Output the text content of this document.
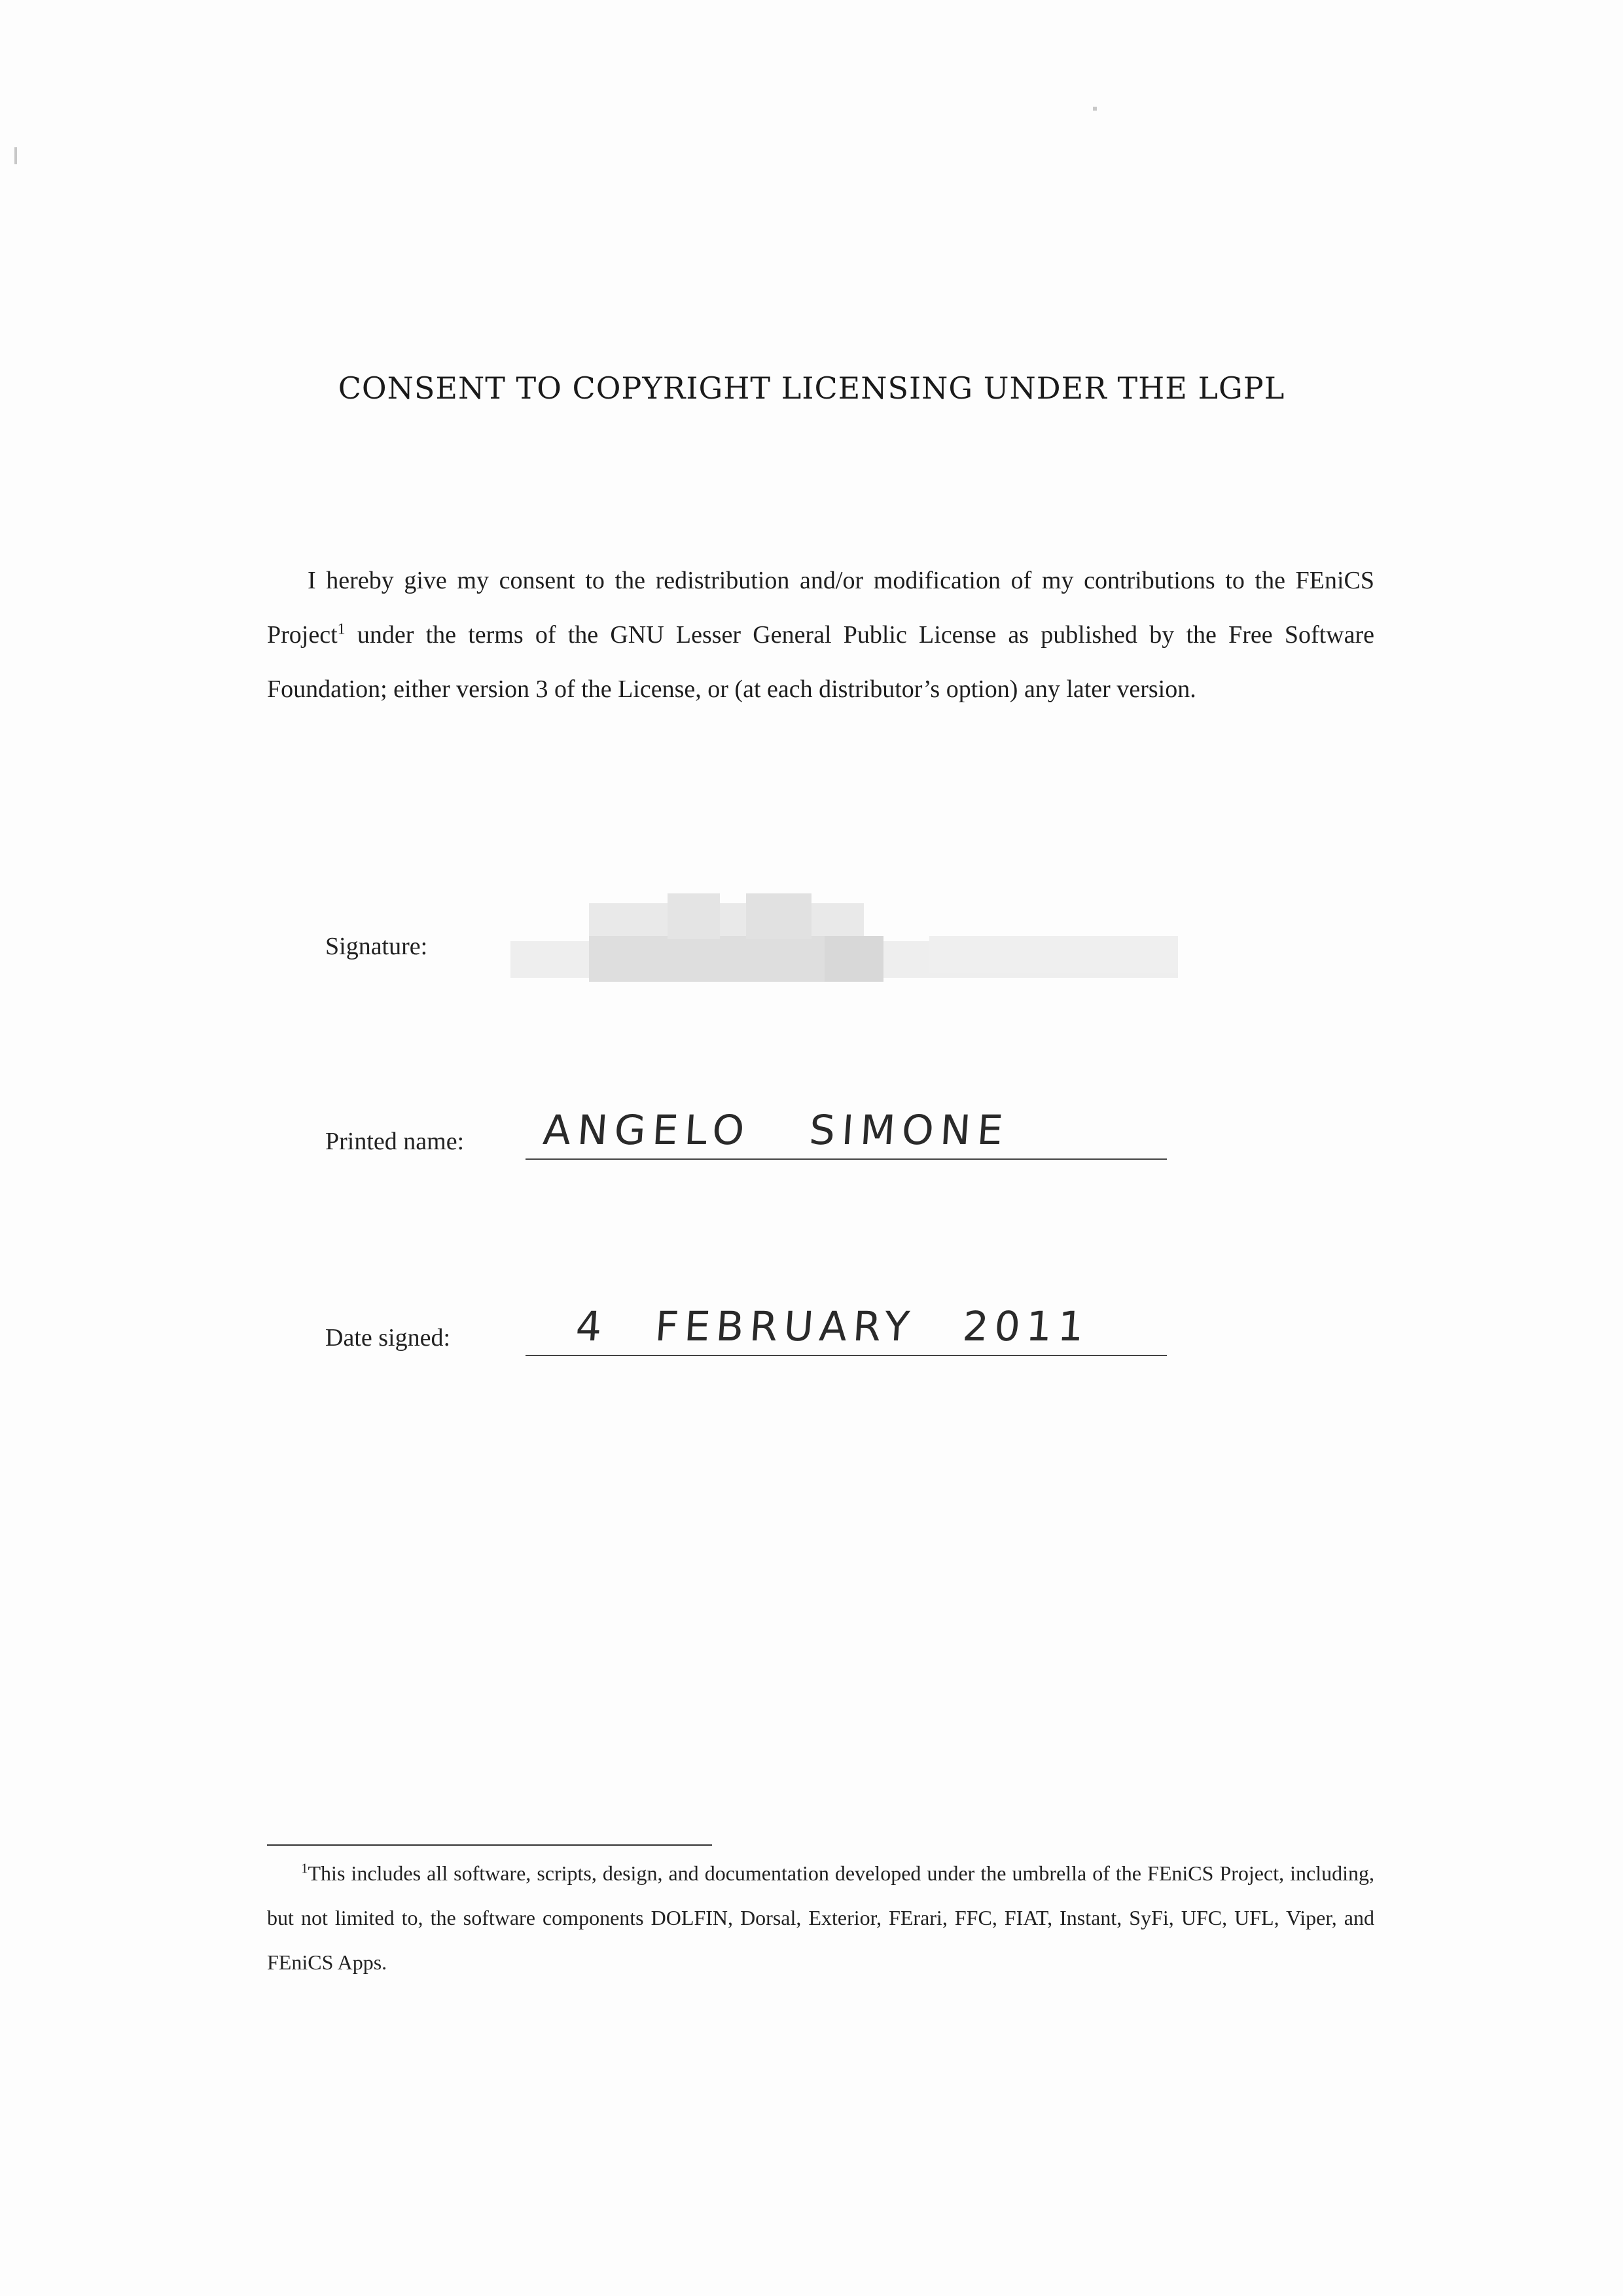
CONSENT TO COPYRIGHT LICENSING UNDER THE LGPL
I hereby give my consent to the redistribution and/or modification of my contributions to the FEniCS Project$^1$ under the terms of the GNU Lesser General Public License as published by the Free Software Foundation; either version 3 of the License, or (at each distributor’s option) any later version.
Signature:
Printed name: ANGELO SIMONE
Date signed:	4 FEBRUARY 2011
$^1$This includes all software, scripts, design, and documentation developed under the umbrella of the FEniCS Project, including, but not limited to, the software components DOLFIN, Dorsal, Exterior, FErari, FFC, FIAT, Instant, SyFi, UFC, UFL, Viper, and FEniCS Apps.
